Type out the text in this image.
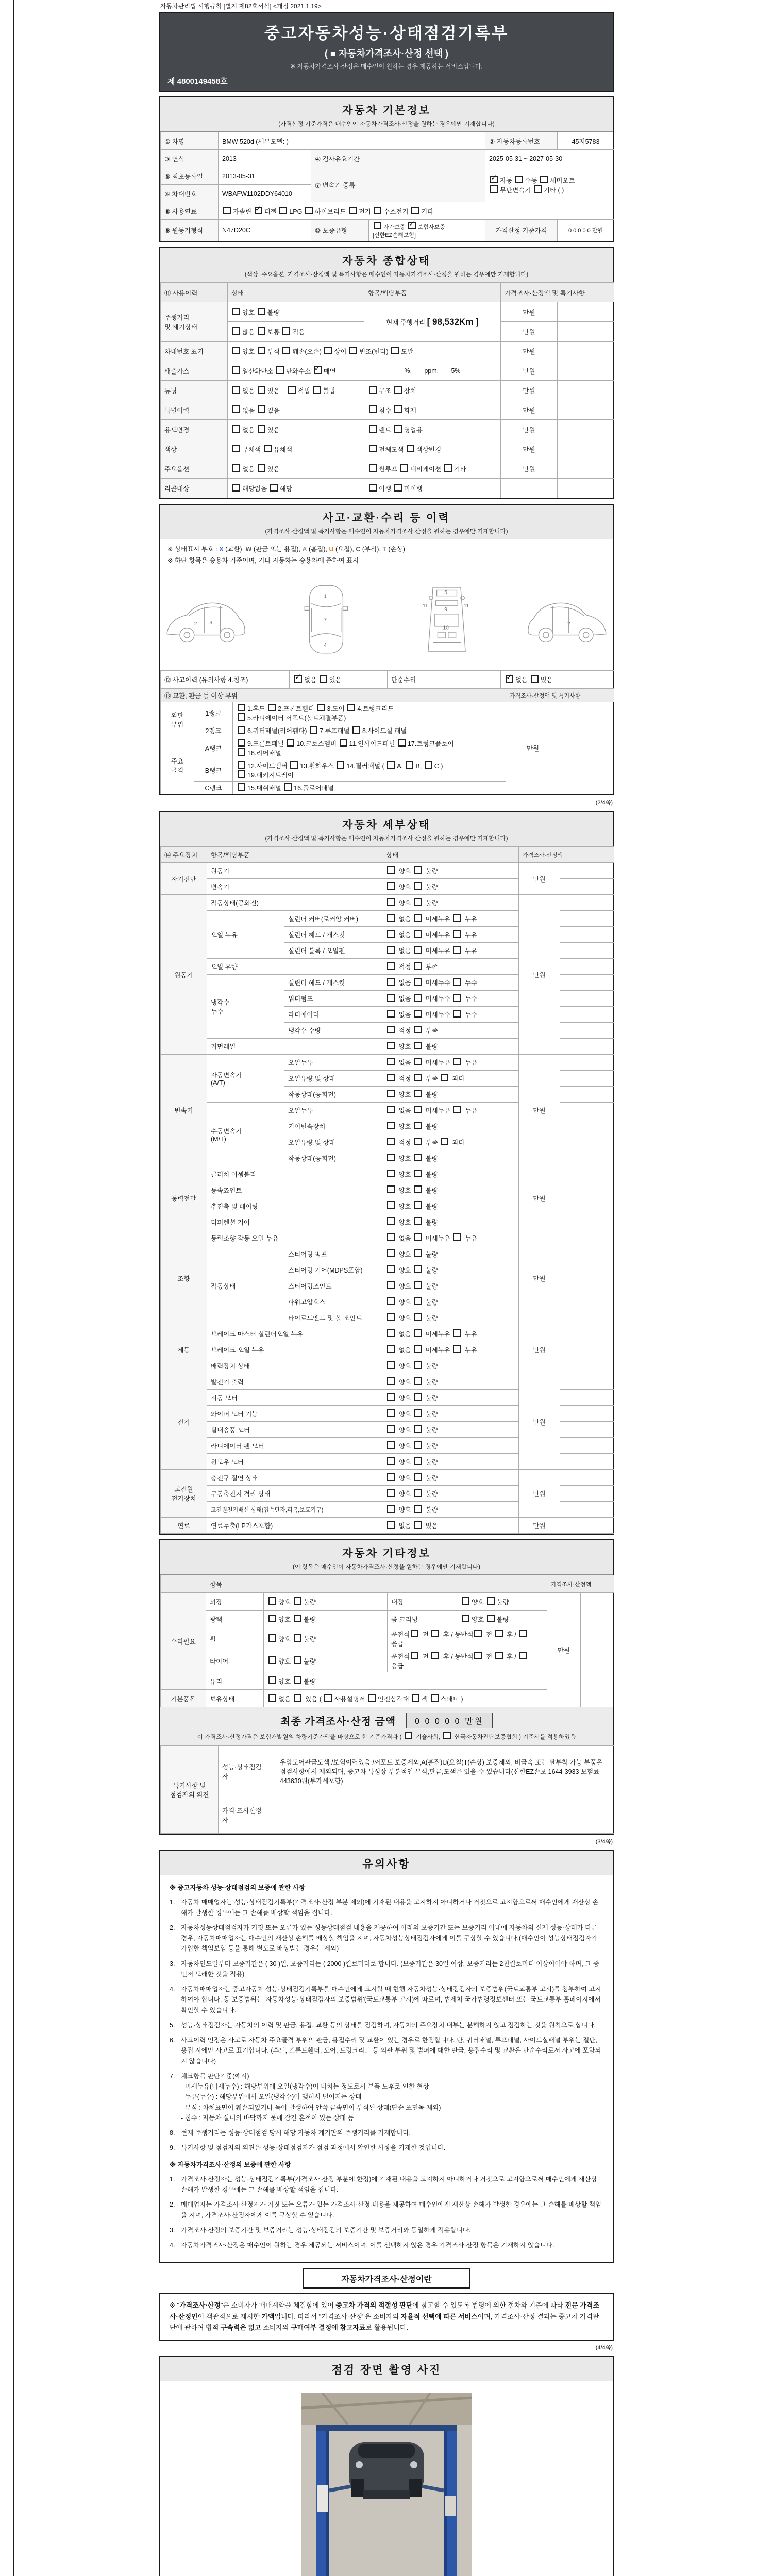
자동차관리법 시행규칙 [별지 제82호서식] <개정 2021.1.19>
중고자동차성능·상태점검기록부
( ■ 자동차가격조사·산정 선택 )
※ 자동차가격조사·산정은 매수인이 원하는 경우 제공하는 서비스입니다.
제 4800149458호
자동차 기본정보
(가격산정 기준가격은 매수인이 자동차가격조사·산정을 원하는 경우에만 기재합니다)
① 차명	BMW 520d (세부모델: )			② 자동차등록번호	45저5783
③ 연식	2013	④ 검사유효기간		2025-05-31 ~ 2027-05-30	
⑤ 최초등록일	2013-05-31	⑦ 변속기 종류	✓자동 수동 세미오토
무단변속기 기타 ( )
⑥ 차대번호	WBAFW1102DDY64010				
⑧ 사용연료	가솔린 ✓디젤 LPG 하이브리드 전기 수소전기 기타
⑨ 원동기형식	N47D20C	⑩ 보증유형	자가보증 ✓보험사보증 [신한EZ손해보험]	가격산정 기준가격	0 0 0 0 0 만원
자동차 종합상태
(색상, 주요옵션, 가격조사·산정액 및 특기사항은 매수인이 자동차가격조사·산정을 원하는 경우에만 기재합니다)
⑪ 사용이력	상태	항목/해당부품	가격조사·산정액 및 특기사항	
주행거리
및 계기상태	양호 불량	현재 주행거리 [ 98,532Km ]	만원	
	많음 보통 적음		만원	
차대번호 표기	양호 부식 훼손(오손) 상이 변조(변타) 도말		만원	
배출가스	일산화탄소 탄화수소 ✓매연	%,       ppm,       5%	만원	
튜닝	없음 있음    적법 불법	구조 장치	만원	
특별이력	없음 있음	침수 화재	만원	
용도변경	없음 있음	렌트 영업용	만원	
색상	무채색 유채색	전체도색 색상변경	만원	
주요옵션	없음 있음	썬루프 네비게이션 기타	만원	
리콜대상	해당없음 해당	이행 미이행		
사고·교환·수리 등 이력
(가격조사·산정액 및 특기사항은 매수인이 자동차가격조사·산정을 원하는 경우에만 기재합니다)
※ 상태표시 부호 : X (교환), W (판금 또는 용접), A (흠집), U (요철), C (부식), T (손상)
※ 하단 항목은 승용차 기준이며, 기타 자동차는 승용차에 준하여 표시
2 3
1
7
4
5
9
11	11
10
2
⑫ 사고이력 (유의사항 4.참조)	✓없음 있음	단순수리	✓없음 있음
⑬ 교환, 판금 등 이상 부위			가격조사·산정액 및 특기사항	
외판
부위	1랭크	1.후드 2.프론트휀더 3.도어 4.트렁크리드
5.라디에이터 서포트(볼트체결부품)	만원	
	2랭크	6.쿼터패널(리어휀다) 7.루프패널 8.사이드실 패널		
주요
골격	A랭크	9.프론트패널 10.크로스멤버 11.인사이드패널 17.트렁크플로어
18.리어패널		
	B랭크	12.사이드멤버 13.휠하우스 14.필러패널 ( A, B, C )
19.패키지트레이		
	C랭크	15.대쉬패널 16.플로어패널		
(2/4쪽)
자동차 세부상태
(가격조사·산정액 및 특기사항은 매수인이 자동차가격조사·산정을 원하는 경우에만 기재합니다)
⑭ 주요장치	항목/해당부품		상태	가격조사·산정액	
자기진단	원동기		양호  불량	만원	
	변속기		양호  불량		
원동기	작동상태(공회전)		양호  불량	만원	
	오일 누유	실린더 커버(로커암 커버)	없음  미세누유  누유		
		실린더 헤드 / 개스킷	없음  미세누유  누유		
		실린더 블록 / 오일팬	없음  미세누유  누유		
	오일 유량		적정  부족		
	냉각수
누수	실린더 헤드 / 개스킷	없음  미세누수  누수		
		워터펌프	없음  미세누수  누수		
		라디에이터	없음  미세누수  누수		
		냉각수 수량	적정  부족		
	커먼레일		양호  불량		
변속기	자동변속기
(A/T)	오일누유	없음  미세누유  누유	만원	
		오일유량 및 상태	적정  부족  과다		
		작동상태(공회전)	양호  불량		
	수동변속기
(M/T)	오일누유	없음  미세누유  누유		
		기어변속장치	양호  불량		
		오일유량 및 상태	적정  부족  과다		
		작동상태(공회전)	양호  불량		
동력전달	클러치 어셈블리		양호  불량	만원	
	등속죠인트		양호  불량		
	추진축 및 베어링		양호  불량		
	디퍼렌셜 기어		양호  불량		
조향	동력조향 작동 오일 누유		없음  미세누유  누유	만원	
	작동상태	스티어링 펌프	양호  불량		
		스티어링 기어(MDPS포함)	양호  불량		
		스티어링조인트	양호  불량		
		파워고압호스	양호  불량		
		타이로드엔드 및 볼 조인트	양호  불량		
제동	브레이크 마스터 실린더오일 누유		없음  미세누유  누유	만원	
	브레이크 오일 누유		없음  미세누유  누유		
	배력장치 상태		양호  불량		
전기	발전기 출력		양호  불량	만원	
	시동 모터		양호  불량		
	와이퍼 모터 기능		양호  불량		
	실내송풍 모터		양호  불량		
	라디에이터 팬 모터		양호  불량		
	윈도우 모터		양호  불량		
고전원
전기장치	충전구 절연 상태		양호  불량	만원	
	구동축전지 격리 상태		양호  불량		
	고전원전기배선 상태(접속단자,피복,보호기구)		양호  불량		
연료	연료누출(LP가스포함)		없음  있음	만원	
자동차 기타정보
(이 항목은 매수인이 자동차가격조사·산정을 원하는 경우에만 기재합니다)
	항목				가격조사·산정액	
수리필요	외장	양호 불량	내장	양호 불량	만원	
	광택	양호 불량	룸 크리닝	양호 불량		
	휠	양호 불량	운전석 전  후 / 동반석 전  후 /  응급			
	타이어	양호 불량	운전석 전  후 / 동반석 전  후 /  응급			
	유리	양호 불량				
기본품목	보유상태	없음  있음 ( 사용설명서 안전삼각대 잭 스패너 )				
최종 가격조사·산정 금액 0 0 0 0 0 만원
이 가격조사·산정가격은 보험개발원의 차량기준가액을 바탕으로 한 기준가격과 (  기술사회,  한국자동차진단보증협회 ) 기준서를 적용하였음
특기사항 및
점검자의 의견	성능·상태점검
자	우앞도어판금도색 /보험이력있음 /써포트 보증제외,A(흠집)U(요철)T(손상) 보증제외, 비금속 또는 탈부착 가능 부품은 점검사항에서 제외되며, 중고차 특성상 부분적인 부식,판금,도색은 있을 수 있습니다(신한EZ손보 1644-3933 보험료 443630원(부가세포함)
	가격·조사산정
자	
(3/4쪽)
유의사항
※ 중고자동차 성능·상태점검의 보증에 관한 사항
1. 자동차 매매업자는 성능·상태점검기록부(가격조사·산정 부분 제외)에 기재된 내용을 고지하지 아니하거나 거짓으로 고지함으로써 매수인에게 재산상 손해가 발생한 경우에는 그 손해를 배상할 책임을 집니다.
2. 자동차성능상태점검자가 거짓 또는 오류가 있는 성능상태점검 내용을 제공하여 아래의 보증기간 또는 보증거리 이내에 자동차의 실제 성능·상태가 다른 경우, 자동차매매업자는 매수인의 재산상 손해를 배상할 책임을 지며, 자동차성능상태점검자에게 이를 구상할 수 있습니다.(매수인이 성능상태점검자가 가입한 책임보험 등을 통해 별도로 배상받는 경우는 제외)
3. 자동차인도일부터 보증기간은 ( 30 )일, 보증거리는 ( 2000 )킬로미터로 합니다. (보증기간은 30일 이상, 보증거리는 2천킬로미터 이상이어야 하며, 그 중 먼저 도래한 것을 적용)
4. 자동차매매업자는 중고자동차 성능·상태점검기록부를 매수인에게 고지할 때 현행 자동차성능·상태점검자의 보증범위(국토교통부 고시)를 첨부하여 고지하여야 합니다. 동 보증범위는 '자동차성능·상태점검자의 보증범위'(국토교통부 고시)에 따르며, 법제처 국가법령정보센터 또는 국토교통부 홈페이지에서 확인할 수 있습니다.
5. 성능·상태점검자는 자동차의 이력 및 판금, 용접, 교환 등의 상태를 점검하며, 자동차의 주요장치 내부는 분해하지 않고 점검하는 것을 원칙으로 합니다.
6. 사고이력 인정은 사고로 자동차 주요골격 부위의 판금, 용접수리 및 교환이 있는 경우로 한정합니다. 단, 쿼터패널, 루프패널, 사이드실패널 부위는 절단, 용접 시에만 사고로 표기합니다. (후드, 프론트휀더, 도어, 트렁크리드 등 외판 부위 및 범퍼에 대한 판금, 용접수리 및 교환은 단순수리로서 사고에 포함되지 않습니다)
7. 체크항목 판단기준(예시)
- 미세누유(미세누수) : 해당부위에 오일(냉각수)이 비치는 정도로서 부품 노후로 인한 현상
- 누유(누수) : 해당부위에서 오일(냉각수)이 맺혀서 떨어지는 상태
- 부식 : 차체표면이 훼손되었거나 녹이 발생하여 안쪽 금속면이 부식된 상태(단순 표면녹 제외)
- 침수 : 자동차 실내의 바닥까지 물에 잠긴 흔적이 있는 상태 등
8. 현재 주행거리는 성능·상태점검 당시 해당 자동차 계기판의 주행거리를 기재합니다.
9. 특기사항 및 점검자의 의견은 성능·상태점검자가 점검 과정에서 확인한 사항을 기재한 것입니다.
※ 자동차가격조사·산정의 보증에 관한 사항
1. 가격조사·산정자는 성능·상태점검기록부(가격조사·산정 부분에 한정)에 기재된 내용을 고지하지 아니하거나 거짓으로 고지함으로써 매수인에게 재산상 손해가 발생한 경우에는 그 손해를 배상할 책임을 집니다.
2. 매매업자는 가격조사·산정자가 거짓 또는 오류가 있는 가격조사·산정 내용을 제공하여 매수인에게 재산상 손해가 발생한 경우에는 그 손해를 배상할 책임을 지며, 가격조사·산정자에게 이를 구상할 수 있습니다.
3. 가격조사·산정의 보증기간 및 보증거리는 성능·상태점검의 보증기간 및 보증거리와 동일하게 적용합니다.
4. 자동차가격조사·산정은 매수인이 원하는 경우 제공되는 서비스이며, 이를 선택하지 않은 경우 가격조사·산정 항목은 기재하지 않습니다.
자동차가격조사·산정이란
※ "가격조사·산정"은 소비자가 매매계약을 체결함에 있어 중고차 가격의 적절성 판단에 참고할 수 있도록 법령에 의한 절차와 기준에 따라 전문 가격조사·산정인이 객관적으로 제시한 가액입니다. 따라서 "가격조사·산정"은 소비자의 자율적 선택에 따른 서비스이며, 가격조사·산정 결과는 중고차 가격판단에 관하여 법적 구속력은 없고 소비자의 구매여부 결정에 참고자료로 활용됩니다.
(4/4쪽)
점검 장면 촬영 사진
